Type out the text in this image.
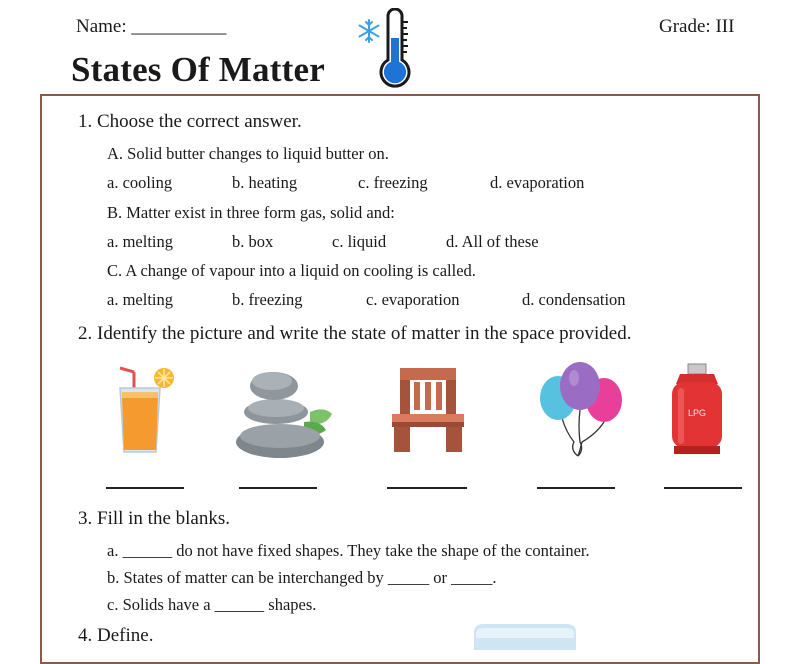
Name: __________	Grade: III
States Of Matter
1. Choose the correct answer.
A. Solid butter changes to liquid butter on.
a. cooling	b. heating	c. freezing	d. evaporation
B. Matter exist in three form gas, solid and:
a. melting	b. box	c. liquid	d. All of these
C. A change of vapour into a liquid on cooling is called.
a. melting	b. freezing	c. evaporation	d. condensation
2. Identify the picture and write the state of matter in the space provided.
LPG
3. Fill in the blanks.
a. ______ do not have fixed shapes. They take the shape of the container.
b. States of matter can be interchanged by _____ or _____.
c. Solids have a ______ shapes.
4. Define.
